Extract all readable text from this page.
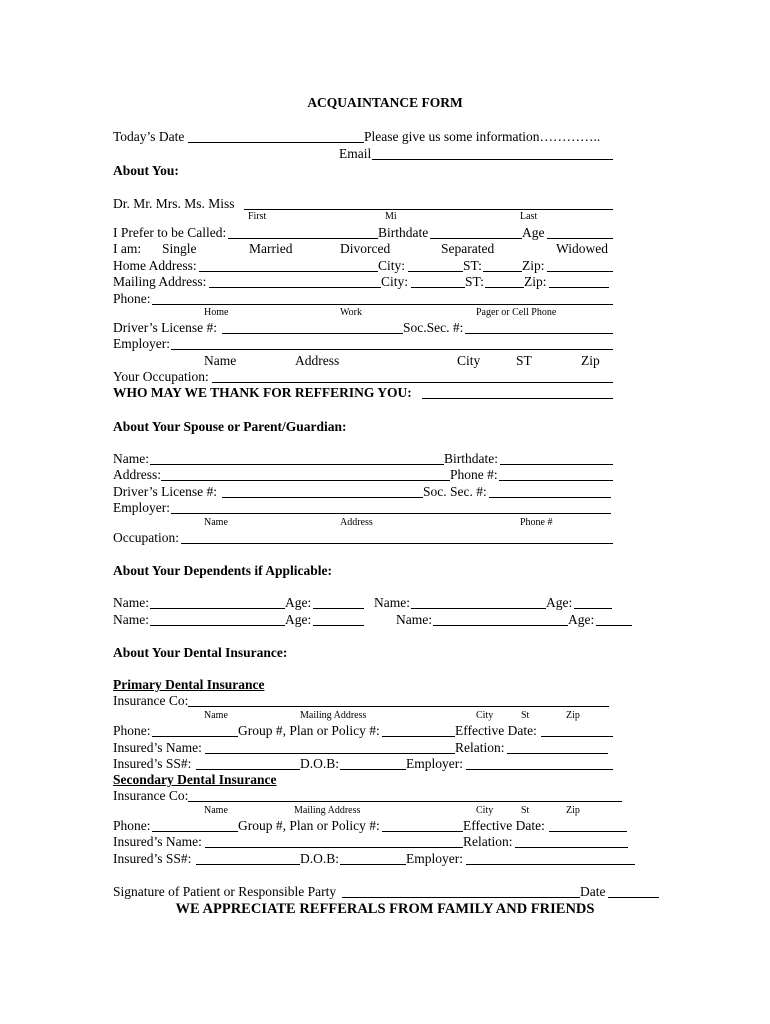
ACQUAINTANCE FORM
Today’s Date	Please give us some information…………..
Email
About You:
Dr. Mr. Mrs. Ms. Miss
First	Mi	Last
I Prefer to be Called:	Birthdate	Age
I am: Single	Married	Divorced	Separated	Widowed
Home Address:	City:	ST:	Zip:
Mailing Address:	City:	ST:	Zip:
Phone:
Home	Work	Pager or Cell Phone
Driver’s License #:	Soc.Sec. #:
Employer:
Name	Address	City	ST	Zip
Your Occupation:
WHO MAY WE THANK FOR REFFERING YOU:
About Your Spouse or Parent/Guardian:
Name:	Birthdate:
Address:	Phone #:
Driver’s License #:	Soc. Sec. #:
Employer:
Name	Address	Phone #
Occupation:
About Your Dependents if Applicable:
Name:	Age:	Name:	Age:
Name:	Age:	Name:	Age:
About Your Dental Insurance:
Primary Dental Insurance
Insurance Co:
Name	Mailing Address	City	St	Zip
Phone:	Group #, Plan or Policy #:	Effective Date:
Insured’s Name:	Relation:
Insured’s SS#:	D.O.B:	Employer:
Secondary Dental Insurance
Insurance Co:
Name	Mailing Address	City	St	Zip
Phone:	Group #, Plan or Policy #:	Effective Date:
Insured’s Name:	Relation:
Insured’s SS#:	D.O.B:	Employer:
Signature of Patient or Responsible Party	Date
WE APPRECIATE REFFERALS FROM FAMILY AND FRIENDS
